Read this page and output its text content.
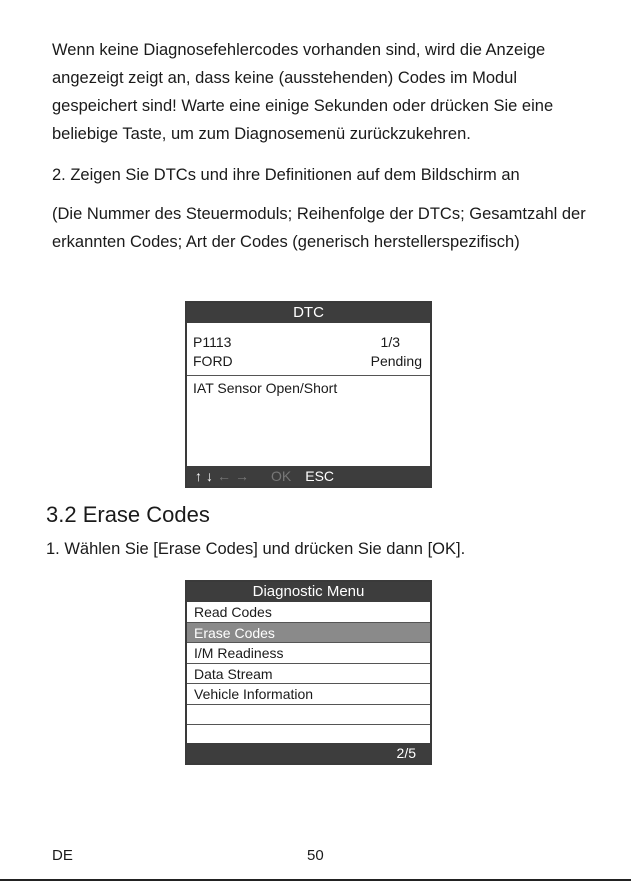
Wenn keine Diagnosefehlercodes vorhanden sind, wird die Anzeige angezeigt zeigt an, dass keine (ausstehenden) Codes im Modul gespeichert sind! Warte eine einige Sekunden oder drücken Sie eine beliebige Taste, um zum Diagnosemenü zurückzukehren.

2. Zeigen Sie DTCs und ihre Definitionen auf dem Bildschirm an

(Die Nummer des Steuermoduls; Reihenfolge der DTCs; Gesamtzahl der erkannten Codes; Art der Codes (generisch herstellerspezifisch)

DTC
P1113	1/3
FORD	Pending
IAT Sensor Open/Short
↑ ↓ ← → OK ESC
3.2 Erase Codes

1. Wählen Sie [Erase Codes] und drücken Sie dann [OK].

Diagnostic Menu
Read Codes
Erase Codes
I/M Readiness
Data Stream
Vehicle Information
2/5
DE	50
